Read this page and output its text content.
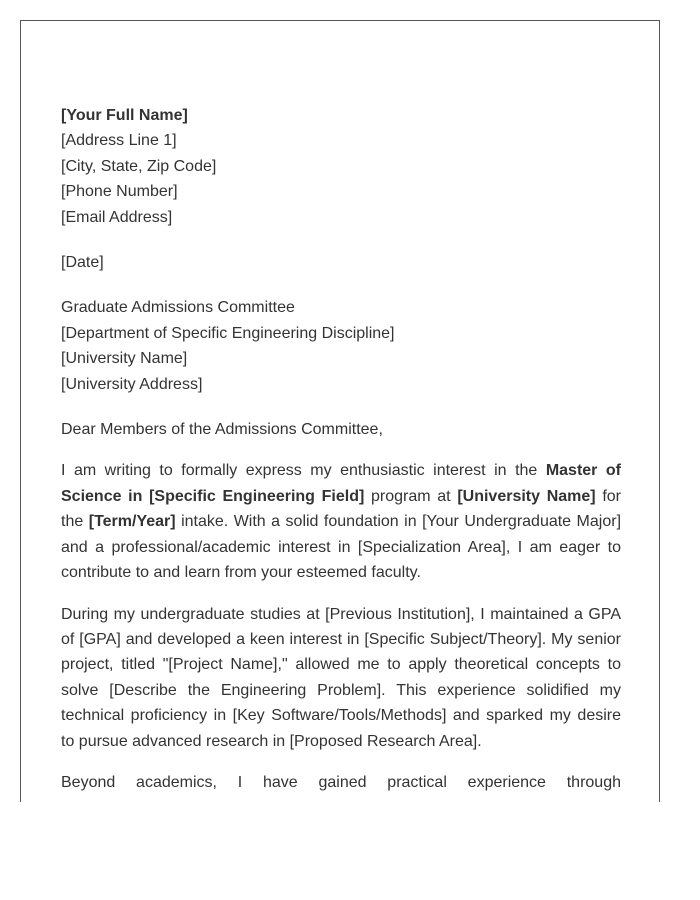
[Your Full Name]
[Address Line 1]
[City, State, Zip Code]
[Phone Number]
[Email Address]
[Date]
Graduate Admissions Committee
[Department of Specific Engineering Discipline]
[University Name]
[University Address]
Dear Members of the Admissions Committee,

I am writing to formally express my enthusiastic interest in the Master of Science in [Specific Engineering Field] program at [University Name] for the [Term/Year] intake. With a solid foundation in [Your Undergraduate Major] and a professional/academic interest in [Specialization Area], I am eager to contribute to and learn from your esteemed faculty.

During my undergraduate studies at [Previous Institution], I maintained a GPA of [GPA] and developed a keen interest in [Specific Subject/Theory]. My senior project, titled "[Project Name]," allowed me to apply theoretical concepts to solve [Describe the Engineering Problem]. This experience solidified my technical proficiency in [Key Software/Tools/Methods] and sparked my desire to pursue advanced research in [Proposed Research Area].

Beyond academics, I have gained practical experience through
